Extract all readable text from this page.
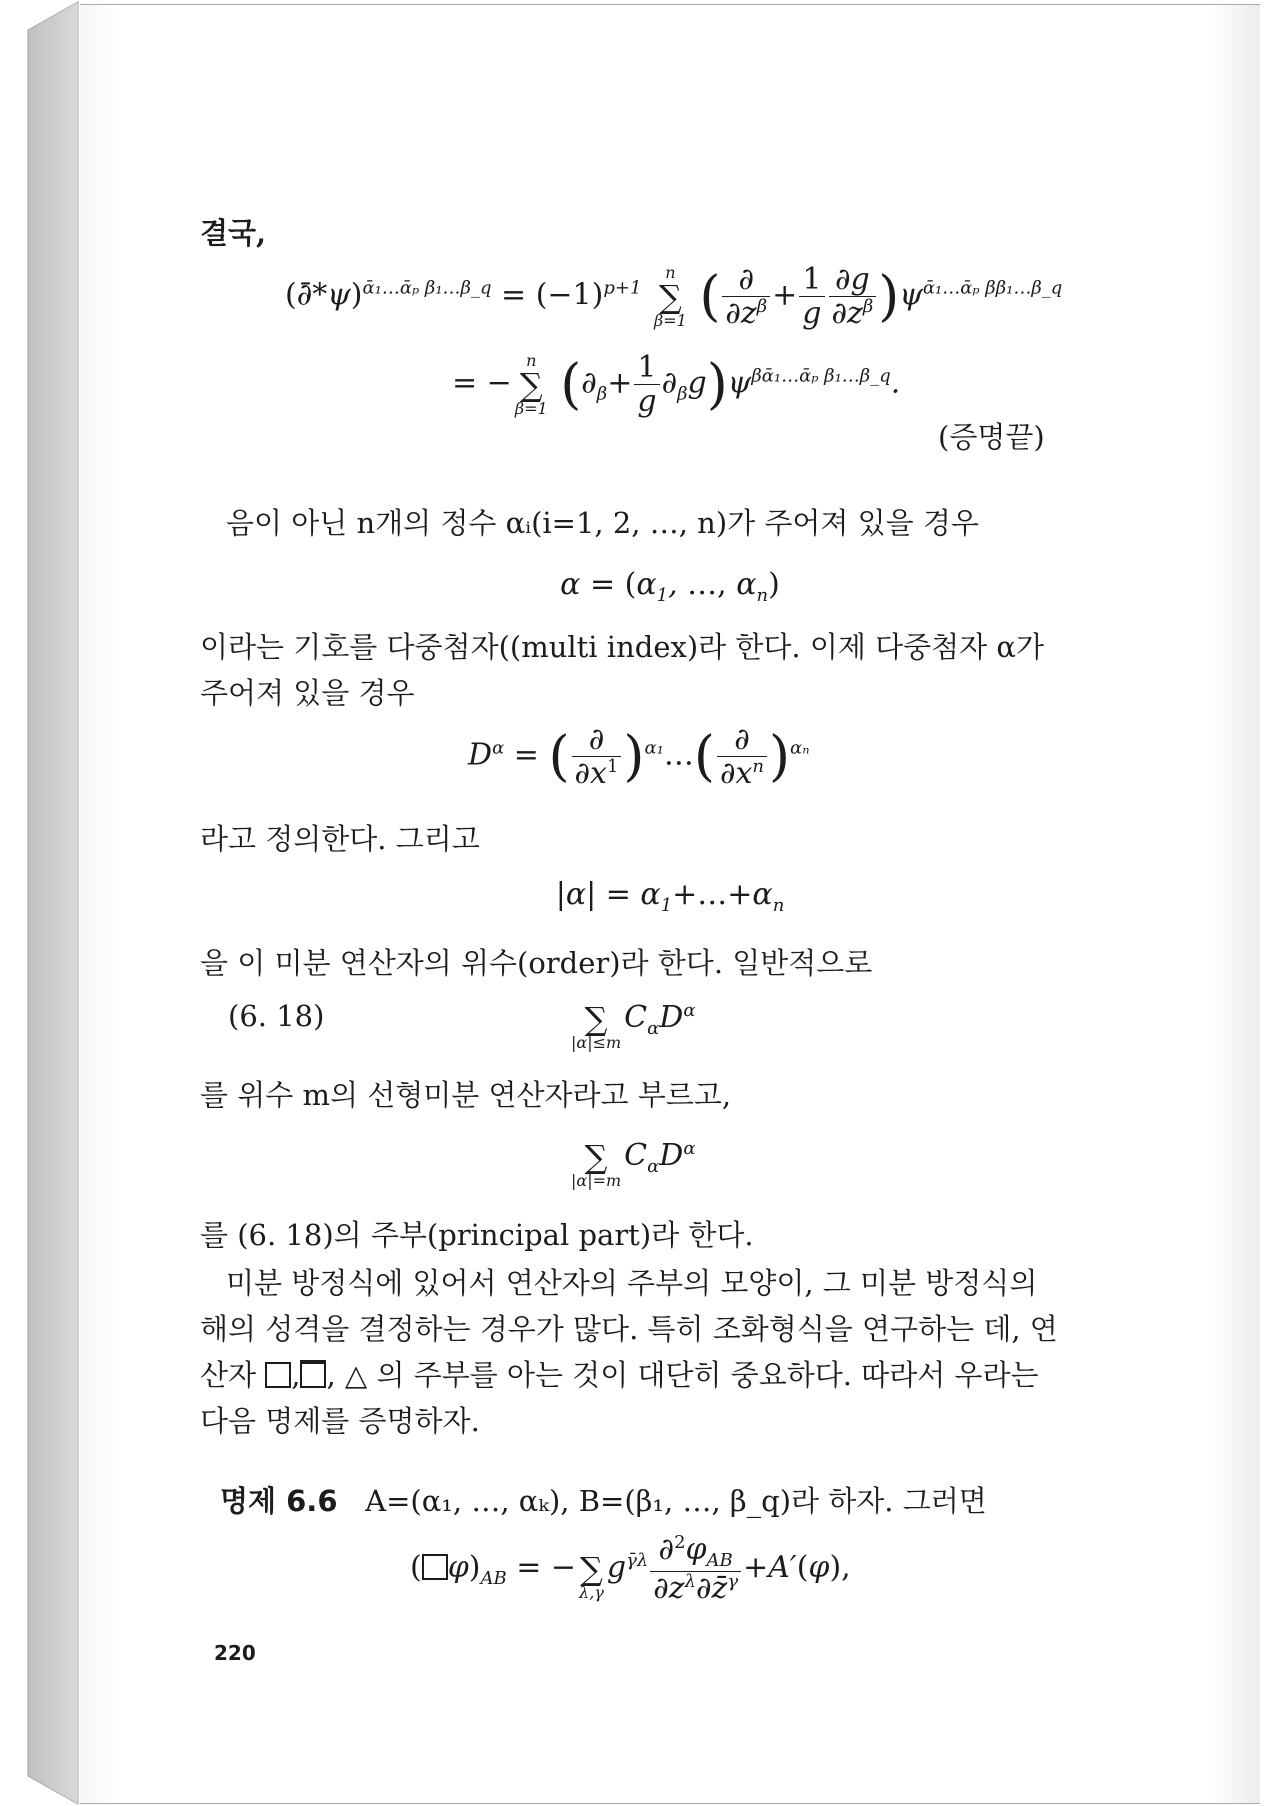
결국,
(∂̄*ψ)$^{ᾱ_1\dots ᾱ_p \beta_1\dots\beta\_q}$ = $(-1)^{p+1}$
n
∑
β=1 ( $\frac{\partial}{\partial z^\beta} + \frac{1}{g} \frac{\partial g}{\partial z^\beta} )\psi^{ᾱ_1\dots ᾱ_p \beta\beta_1\dots\beta\_q}$
= −
n
∑
β=1 $(\partial_\beta+ \frac{1}{g} \partial_\beta g)\psi^{\beta ᾱ_1\dots ᾱ_p \beta_1\dots\beta\_q}$.
(증명끝)
음이 아닌 n개의 정수 αᵢ(i=1, 2, …, n)가 주어져 있을 경우
$\alpha = (\alpha_1$, …, $\alpha_n$)
이라는 기호를 다중첨자((multi index)라 한다. 이제 다중첨자 α가
주어져 있을 경우
$D^\alpha$ = ( $\frac{\partial}{\partial x^1}$ )$^{\alpha_1}$…( $\frac{\partial}{\partial x^n} )^{\alpha_n}$
라고 정의한다. 그리고
$|\alpha| = \alpha_1+\dots+\alpha_n$
을 이 미분 연산자의 위수(order)라 한다. 일반적으로
(6. 18)
	∑
|α|≤m
$C_\alpha D^\alpha$
를 위수 m의 선형미분 연산자라고 부르고,

∑
|α|=m
$C_\alpha D^\alpha$
를 (6. 18)의 주부(principal part)라 한다.
미분 방정식에 있어서 연산자의 주부의 모양이, 그 미분 방정식의
해의 성격을 결정하는 경우가 많다. 특히 조화형식을 연구하는 데, 연
산자 , , △ 의 주부를 아는 것이 대단히 중요하다. 따라서 우라는
다음 명제를 증명하자.
명제 6.6 A=(α₁, …, αₖ), B=(β₁, …, β_q)라 하자. 그러면
( $\varphi)_{AB}$ = −
∑
λ,γ
$g^{\gammā\lambda} \frac{\partial^2\varphi_{AB}}{\partial z^\lambda\partial z̄^\gamma} +A'(\varphi)$,
220
